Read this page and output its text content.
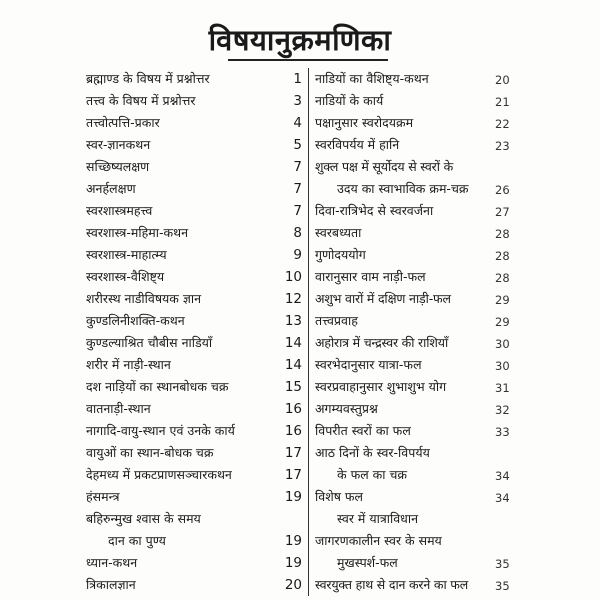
विषयानुक्रमणिका
ब्रह्माण्ड के विषय में प्रश्नोत्तर	1
तत्त्व के विषय में प्रश्नोत्तर	3
तत्त्वोत्पत्ति-प्रकार	4
स्वर-ज्ञानकथन	5
सच्छिष्यलक्षण	7
अनर्हलक्षण	7
स्वरशास्त्रमहत्त्व	7
स्वरशास्त्र-महिमा-कथन	8
स्वरशास्त्र-माहात्म्य	9
स्वरशास्त्र-वैशिष्ट्य	10
शरीरस्थ नाडीविषयक ज्ञान	12
कुण्डलिनीशक्ति-कथन	13
कुण्डल्याश्रित चौबीस नाडियाँ	14
शरीर में नाड़ी-स्थान	14
दश नाड़ियों का स्थानबोधक चक्र	15
वातनाड़ी-स्थान	16
नागादि-वायु-स्थान एवं उनके कार्य	16
वायुओं का स्थान-बोधक चक्र	17
देहमध्य में प्रकटप्राणसञ्चारकथन	17
हंसमन्त्र	19
बहिरुन्मुख श्वास के समय
दान का पुण्य	19
ध्यान-कथन	19
त्रिकालज्ञान	20
नाडियों का वैशिष्ट्य-कथन	20
नाडियों के कार्य	21
पक्षानुसार स्वरोदयक्रम	22
स्वरविपर्यय में हानि	23
शुक्ल पक्ष में सूर्योदय से स्वरों के
उदय का स्वाभाविक क्रम-चक्र 26
दिवा-रात्रिभेद से स्वरवर्जना	27
स्वरबध्यता	28
गुणोदययोग	28
वारानुसार वाम नाड़ी-फल	28
अशुभ वारों में दक्षिण नाड़ी-फल	29
तत्त्वप्रवाह	29
अहोरात्र में चन्द्रस्वर की राशियाँ	30
स्वरभेदानुसार यात्रा-फल	30
स्वरप्रवाहानुसार शुभाशुभ योग	31
अगम्यवस्तुप्रश्न	32
विपरीत स्वरों का फल	33
आठ दिनों के स्वर-विपर्यय
के फल का चक्र	34
विशेष फल	34
स्वर में यात्राविधान
जागरणकालीन स्वर के समय
मुखस्पर्श-फल	35
स्वरयुक्त हाथ से दान करने का फल 35
